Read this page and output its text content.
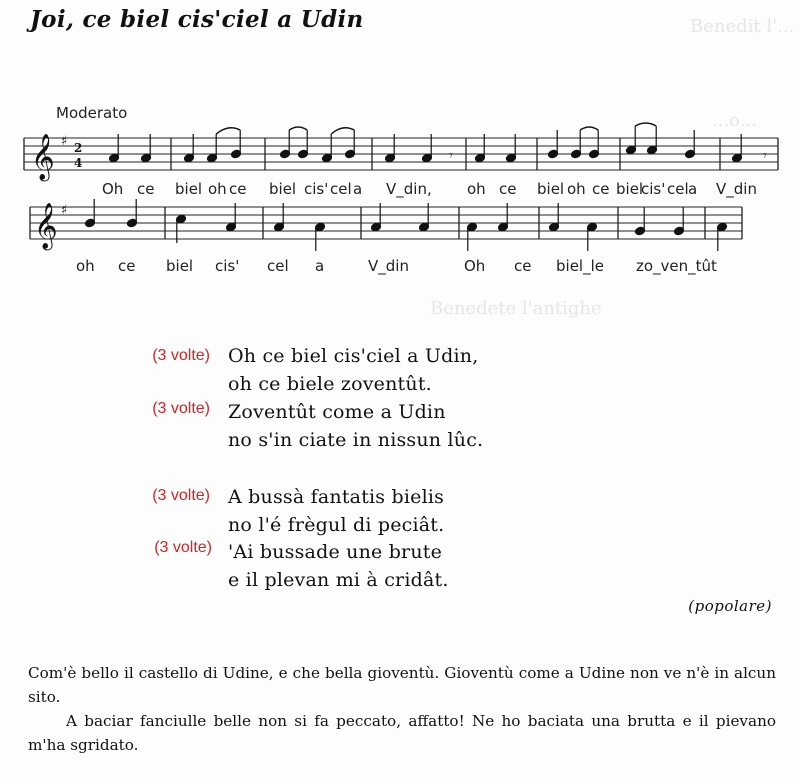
Benedit l'...
Benedete l'antighe
...o...
Joi, ce biel cis'ciel a Udin
Moderato
𝄞
𝄞
♯
♯
2
4	𝄾	𝄾
Oh ce biel oh ce biel cis' cel a V_din, oh ce biel oh ce biel
cis' cel a V_din
oh ce biel cis' cel a	V_din	Oh ce biel_le zo_ven_tût
(3 volte) Oh ce biel cis'ciel a Udin,
oh ce biele zoventût.
(3 volte) Zoventût come a Udin
no s'in ciate in nissun lûc.
(3 volte) A bussà fantatis bielis
no l'é frègul di peciât.
(3 volte) 'Ai bussade une brute
e il plevan mi à cridât.
(popolare)

Com'è bello il castello di Udine, e che bella gioventù. Gioventù come a Udine non ve n'è in alcun sito.

A baciar fanciulle belle non si fa peccato, affatto! Ne ho baciata una brutta e il pievano m'ha sgridato.
